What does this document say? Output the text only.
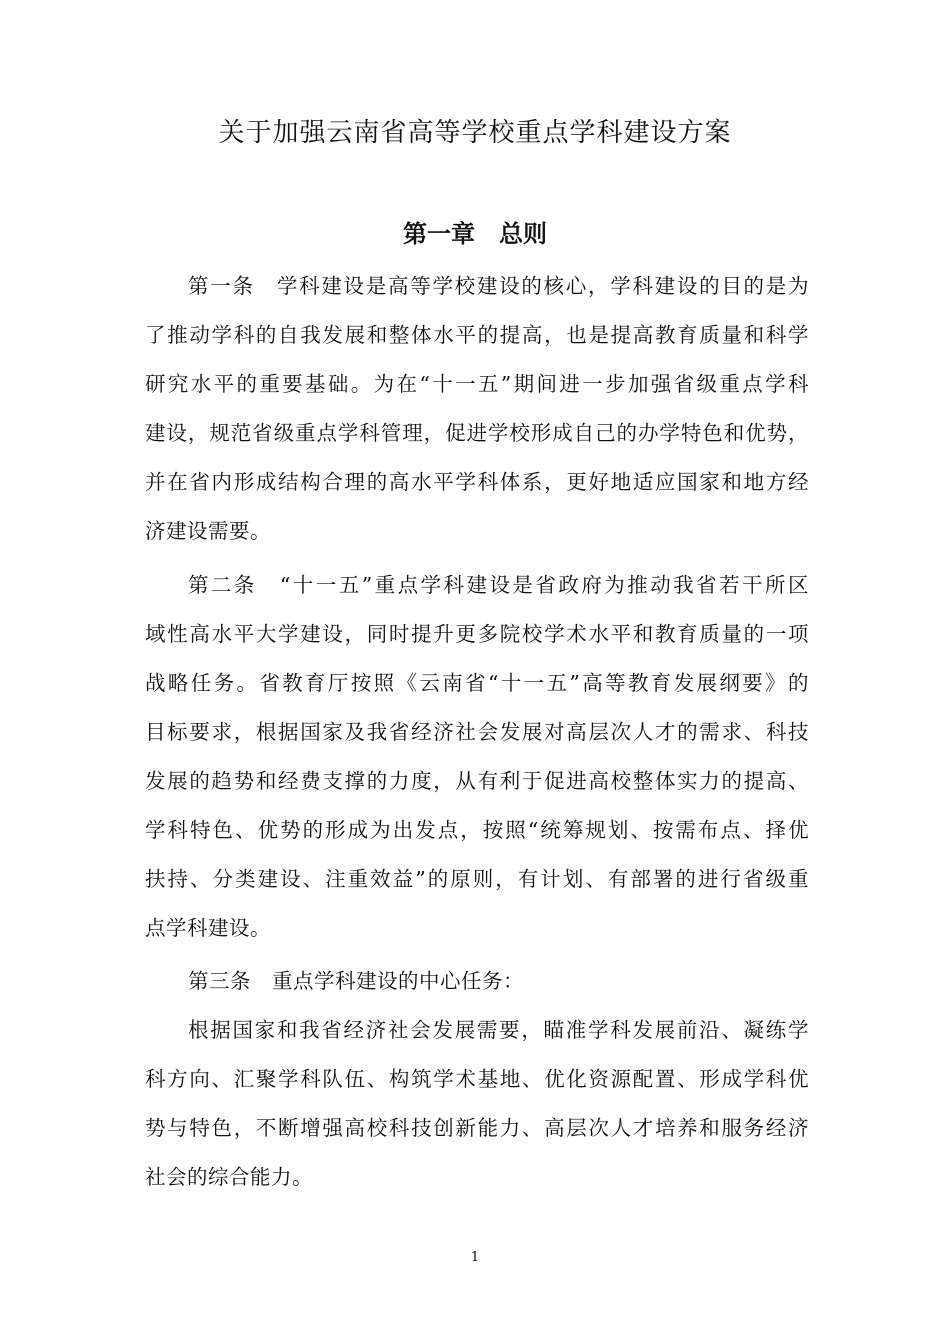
关于加强云南省高等学校重点学科建设方案
第一章　总则
第一条　学科建设是高等学校建设的核心，学科建设的目的是为
了推动学科的自我发展和整体水平的提高，也是提高教育质量和科学
研究水平的重要基础。为在“十一五”期间进一步加强省级重点学科
建设，规范省级重点学科管理，促进学校形成自己的办学特色和优势，
并在省内形成结构合理的高水平学科体系，更好地适应国家和地方经
济建设需要。
第二条　“十一五”重点学科建设是省政府为推动我省若干所区
域性高水平大学建设，同时提升更多院校学术水平和教育质量的一项
战略任务。省教育厅按照《云南省“十一五”高等教育发展纲要》的
目标要求，根据国家及我省经济社会发展对高层次人才的需求、科技
发展的趋势和经费支撑的力度，从有利于促进高校整体实力的提高、
学科特色、优势的形成为出发点，按照“统筹规划、按需布点、择优
扶持、分类建设、注重效益”的原则，有计划、有部署的进行省级重
点学科建设。
第三条　重点学科建设的中心任务：
根据国家和我省经济社会发展需要，瞄准学科发展前沿、凝练学
科方向、汇聚学科队伍、构筑学术基地、优化资源配置、形成学科优
势与特色，不断增强高校科技创新能力、高层次人才培养和服务经济
社会的综合能力。
1
